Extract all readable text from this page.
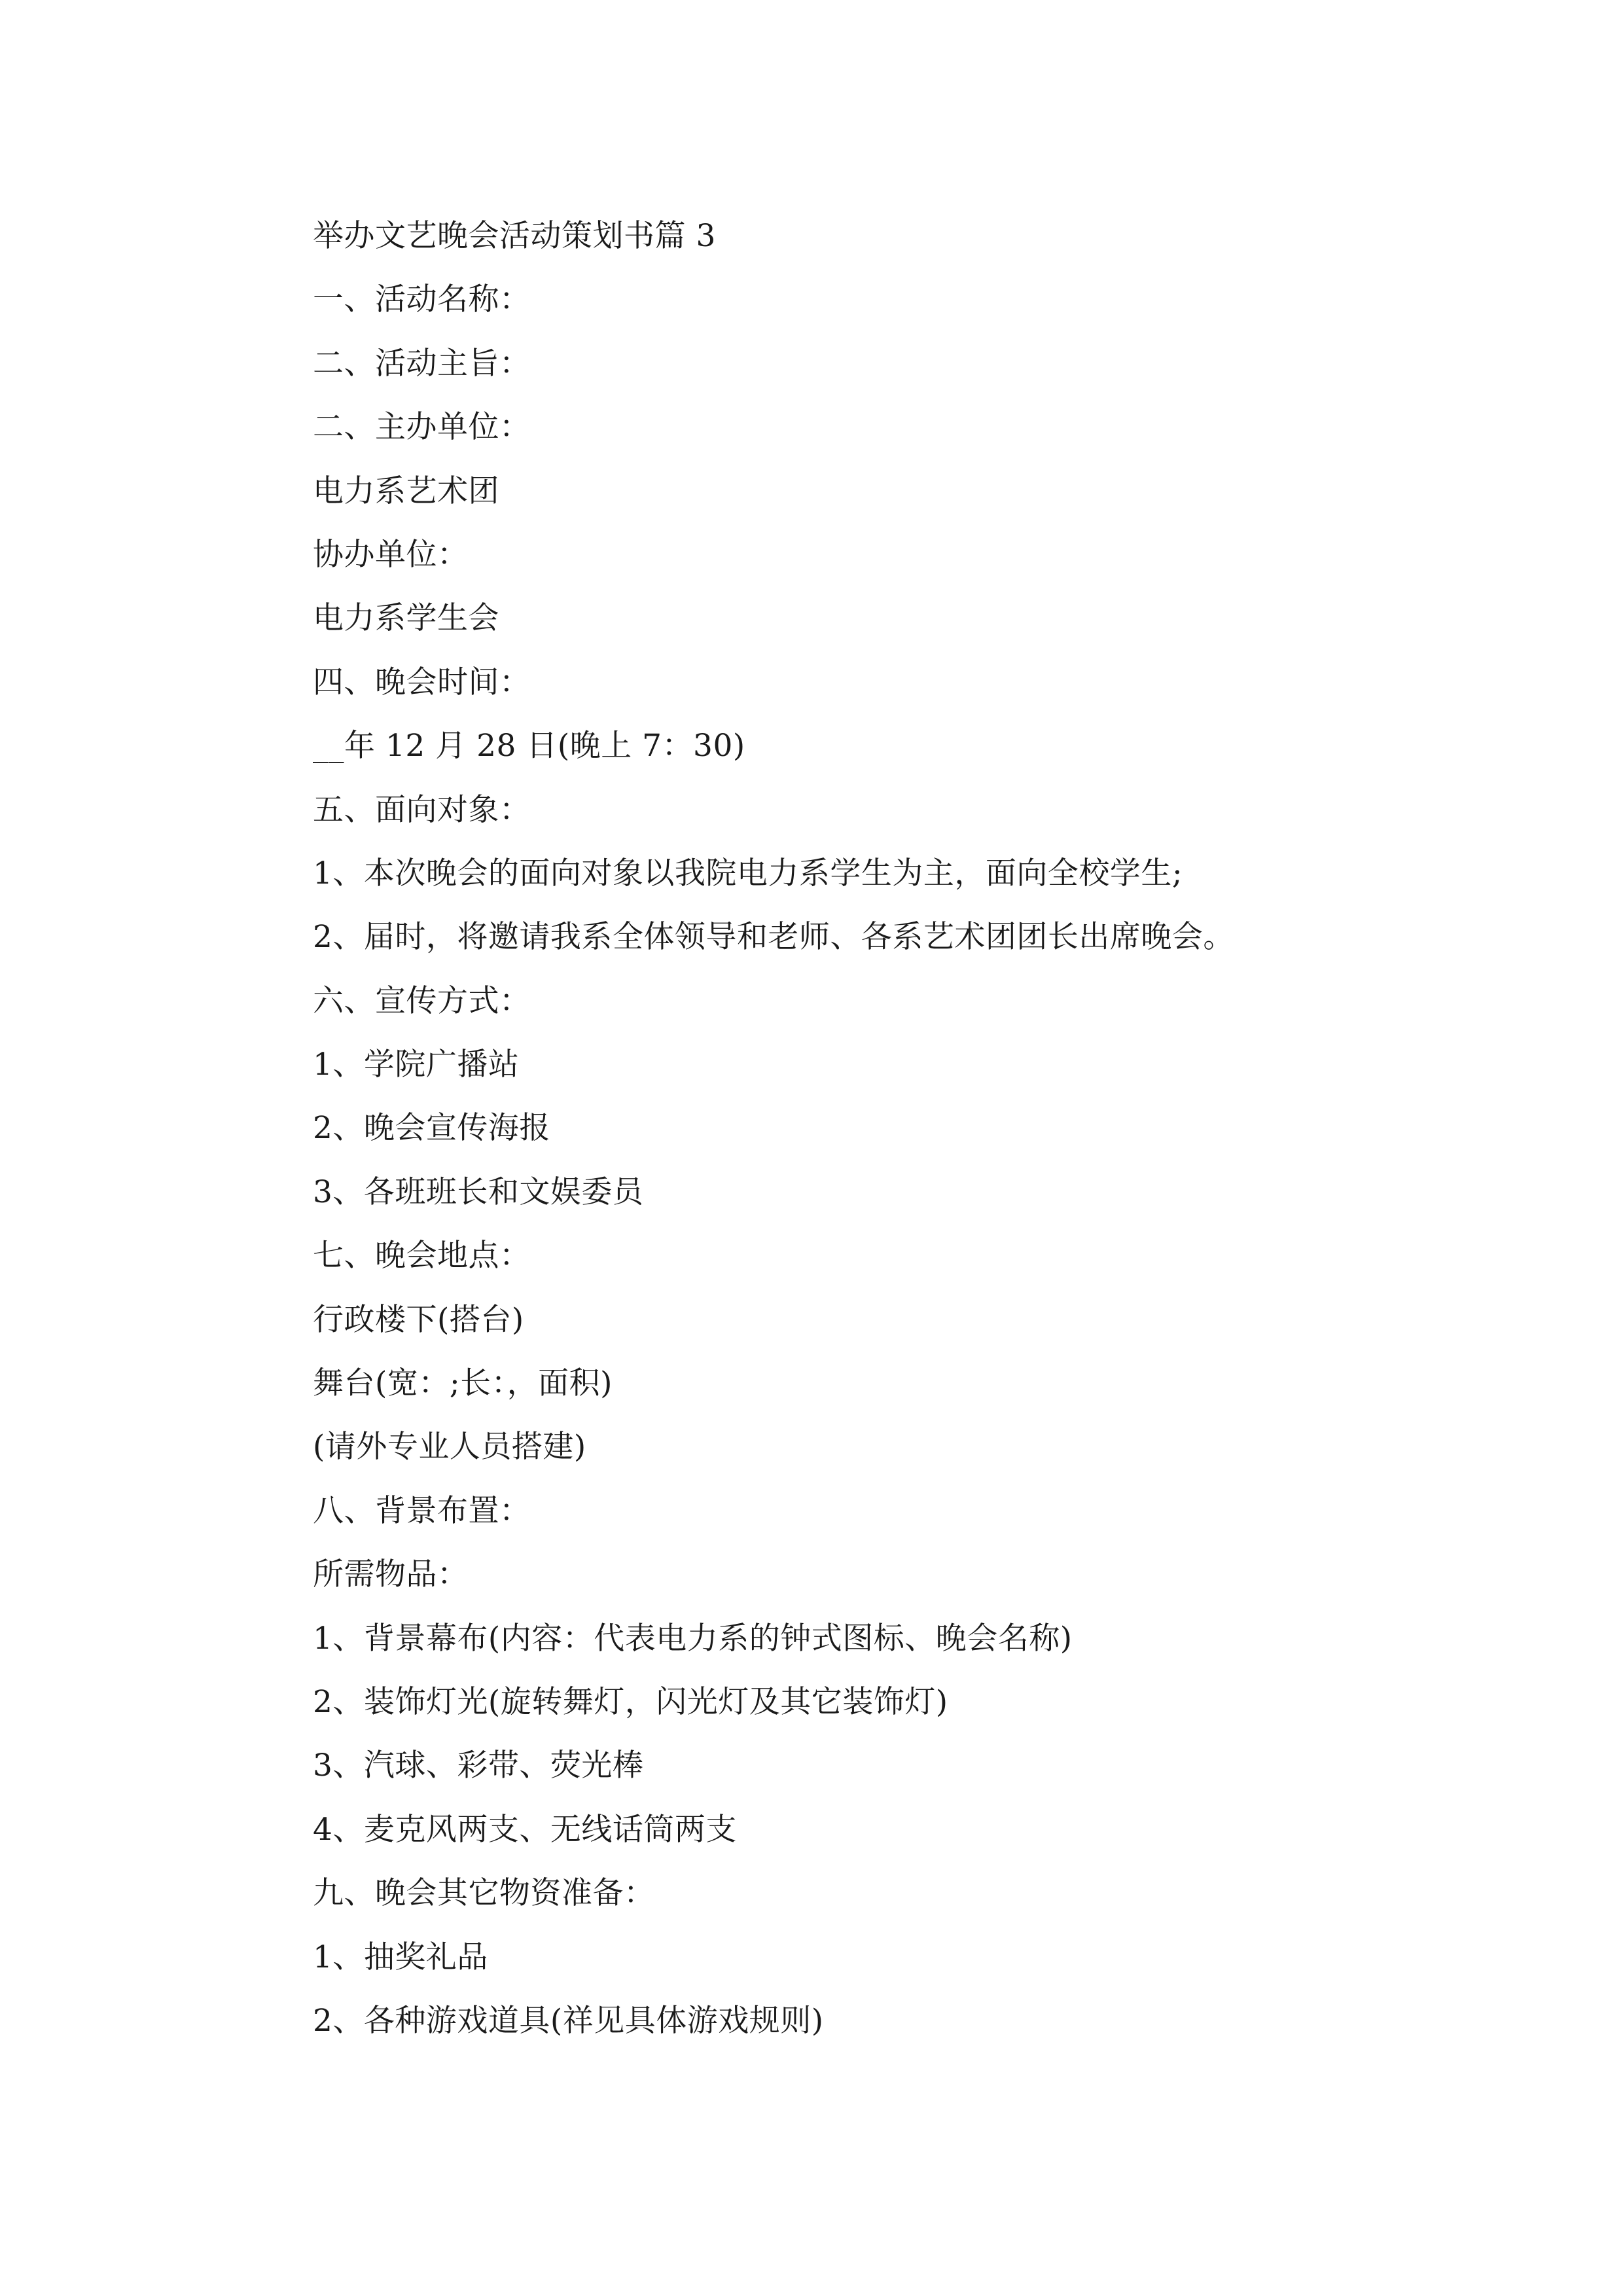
举办文艺晚会活动策划书篇 3
一、活动名称：
二、活动主旨：
二、主办单位：
电力系艺术团
协办单位：
电力系学生会
四、晚会时间：
__年 12 月 28 日(晚上 7：30)
五、面向对象：
1、本次晚会的面向对象以我院电力系学生为主，面向全校学生;
2、届时，将邀请我系全体领导和老师、各系艺术团团长出席晚会。
六、宣传方式：
1、学院广播站
2、晚会宣传海报
3、各班班长和文娱委员
七、晚会地点：
行政楼下(搭台)
舞台(宽：;长：，面积)
(请外专业人员搭建)
八、背景布置：
所需物品：
1、背景幕布(内容：代表电力系的钟式图标、晚会名称)
2、装饰灯光(旋转舞灯，闪光灯及其它装饰灯)
3、汽球、彩带、荧光棒
4、麦克风两支、无线话筒两支
九、晚会其它物资准备：
1、抽奖礼品
2、各种游戏道具(祥见具体游戏规则)
